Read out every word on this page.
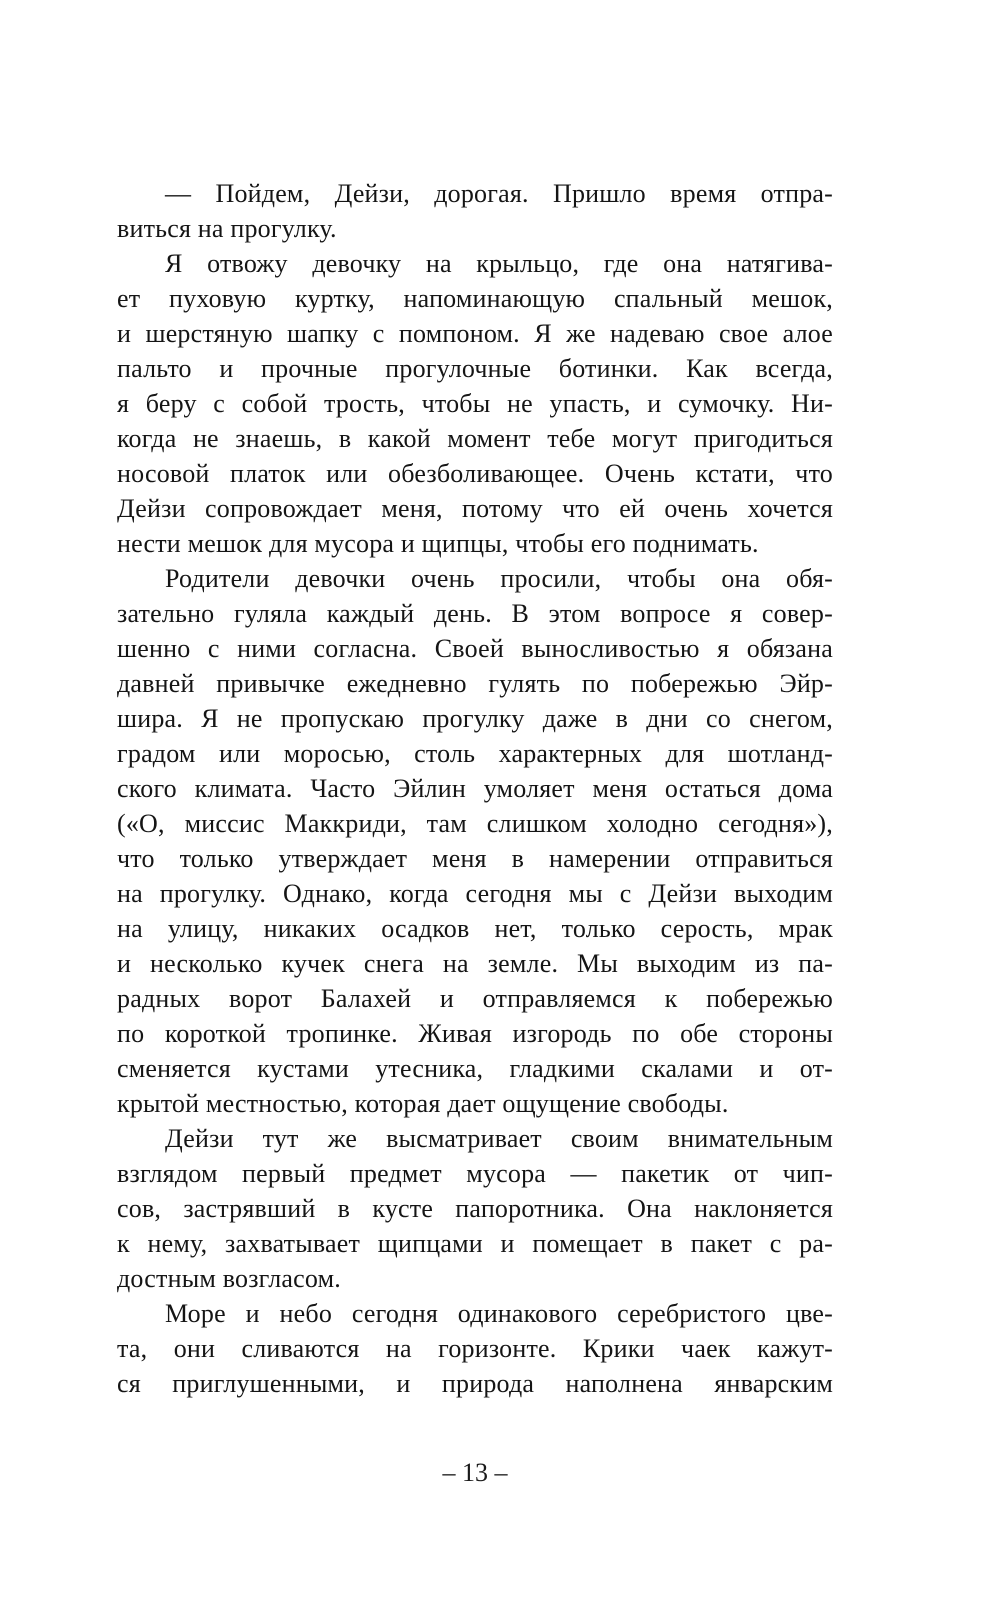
— Пойдем, Дейзи, дорогая. Пришло время отпра-
виться на прогулку.
Я отвожу девочку на крыльцо, где она натягива-
ет пуховую куртку, напоминающую спальный мешок,
и шерстяную шапку с помпоном. Я же надеваю свое алое
пальто и прочные прогулочные ботинки. Как всегда,
я беру с собой трость, чтобы не упасть, и сумочку. Ни-
когда не знаешь, в какой момент тебе могут пригодиться
носовой платок или обезболивающее. Очень кстати, что
Дейзи сопровождает меня, потому что ей очень хочется
нести мешок для мусора и щипцы, чтобы его поднимать.
Родители девочки очень просили, чтобы она обя-
зательно гуляла каждый день. В этом вопросе я совер-
шенно с ними согласна. Своей выносливостью я обязана
давней привычке ежедневно гулять по побережью Эйр-
шира. Я не пропускаю прогулку даже в дни со снегом,
градом или моросью, столь характерных для шотланд-
ского климата. Часто Эйлин умоляет меня остаться дома
(«О, миссис Маккриди, там слишком холодно сегодня»),
что только утверждает меня в намерении отправиться
на прогулку. Однако, когда сегодня мы с Дейзи выходим
на улицу, никаких осадков нет, только серость, мрак
и несколько кучек снега на земле. Мы выходим из па-
радных ворот Балахей и отправляемся к побережью
по короткой тропинке. Живая изгородь по обе стороны
сменяется кустами утесника, гладкими скалами и от-
крытой местностью, которая дает ощущение свободы.
Дейзи тут же высматривает своим внимательным
взглядом первый предмет мусора — пакетик от чип-
сов, застрявший в кусте папоротника. Она наклоняется
к нему, захватывает щипцами и помещает в пакет с ра-
достным возгласом.
Море и небо сегодня одинакового серебристого цве-
та, они сливаются на горизонте. Крики чаек кажут-
ся приглушенными, и природа наполнена январским
– 13 –
